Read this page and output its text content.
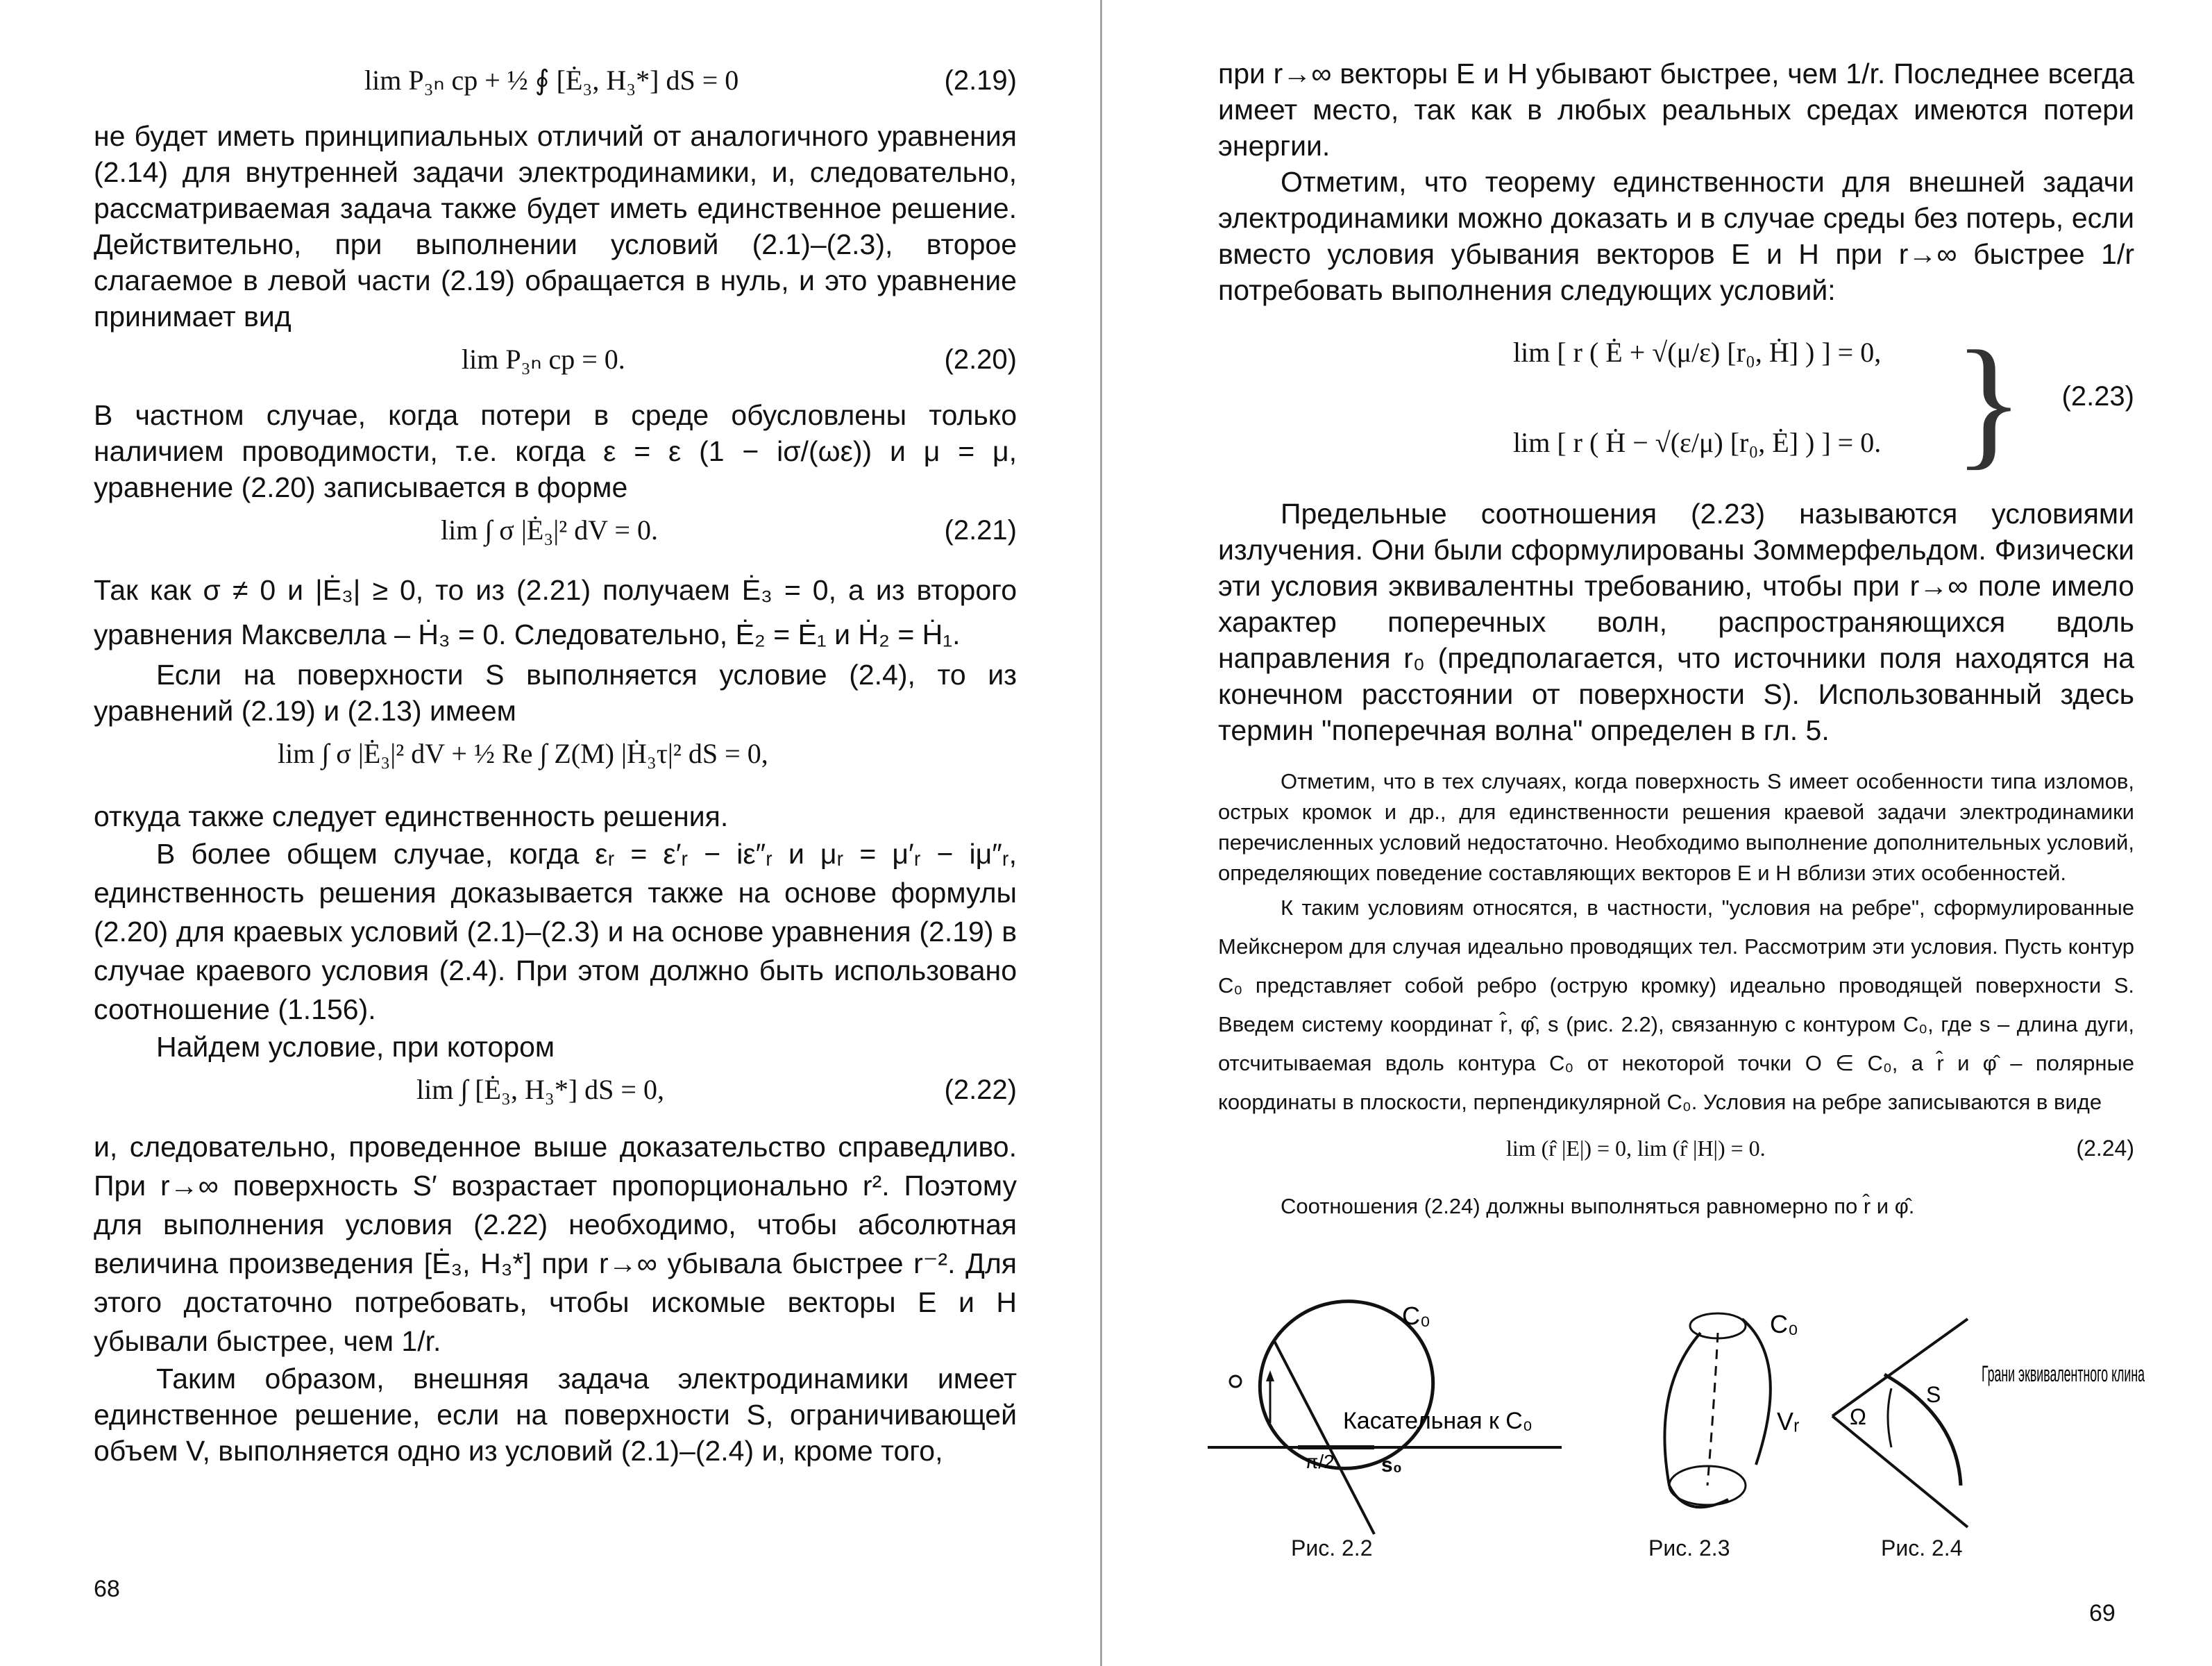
lim P₃ₙ ср + ½ ∮ [Ė₃, H₃*] dS = 0	(2.19)

не будет иметь принципиальных отличий от аналогичного уравнения (2.14) для внутренней задачи электродинамики, и, следовательно, рассматриваемая задача также будет иметь единственное решение. Действительно, при выполнении условий (2.1)–(2.3), второе слагаемое в левой части (2.19) обращается в нуль, и это уравнение принимает вид

lim P₃ₙ ср = 0.	(2.20)

В частном случае, когда потери в среде обусловлены только наличием проводимости, т.е. когда ε = ε (1 − iσ/(ωε)) и μ = μ, уравнение (2.20) записывается в форме

lim ∫ σ |Ė₃|² dV = 0.	(2.21)

Так как σ ≠ 0 и |Ė₃| ≥ 0, то из (2.21) получаем Ė₃ = 0, а из второго уравнения Максвелла – Ḣ₃ = 0. Следовательно, Ė₂ = Ė₁ и Ḣ₂ = Ḣ₁.

Если на поверхности S выполняется условие (2.4), то из уравнений (2.19) и (2.13) имеем

lim ∫ σ |Ė₃|² dV + ½ Re ∫ Z(M) |Ḣ₃τ|² dS = 0,

откуда также следует единственность решения.

В более общем случае, когда εᵣ = ε′ᵣ − iε″ᵣ и μᵣ = μ′ᵣ − iμ″ᵣ, единственность решения доказывается также на основе формулы (2.20) для краевых условий (2.1)–(2.3) и на основе уравнения (2.19) в случае краевого условия (2.4). При этом должно быть использовано соотношение (1.156).

Найдем условие, при котором

lim ∫ [Ė₃, H₃*] dS = 0,	(2.22)

и, следовательно, проведенное выше доказательство справедливо. При r→∞ поверхность S′ возрастает пропорционально r². Поэтому для выполнения условия (2.22) необходимо, чтобы абсолютная величина произведения [Ė₃, H₃*] при r→∞ убывала быстрее r⁻². Для этого достаточно потребовать, чтобы искомые векторы E и H убывали быстрее, чем 1/r.

Таким образом, внешняя задача электродинамики имеет единственное решение, если на поверхности S, ограничивающей объем V, выполняется одно из условий (2.1)–(2.4) и, кроме того,

68

при r→∞ векторы E и H убывают быстрее, чем 1/r. Последнее всегда имеет место, так как в любых реальных средах имеются потери энергии.

Отметим, что теорему единственности для внешней задачи электродинамики можно доказать и в случае среды без потерь, если вместо условия убывания векторов E и H при r→∞ быстрее 1/r потребовать выполнения следующих условий:

lim [ r ( Ė + √(μ/ε) [r₀, Ḣ] ) ] = 0,
lim [ r ( Ḣ − √(ε/μ) [r₀, Ė] ) ] = 0. } (2.23)

Предельные соотношения (2.23) называются условиями излучения. Они были сформулированы Зоммерфельдом. Физически эти условия эквивалентны требованию, чтобы при r→∞ поле имело характер поперечных волн, распространяющихся вдоль направления r₀ (предполагается, что источники поля находятся на конечном расстоянии от поверхности S). Использованный здесь термин "поперечная волна" определен в гл. 5.

Отметим, что в тех случаях, когда поверхность S имеет особенности типа изломов, острых кромок и др., для единственности решения краевой задачи электродинамики перечисленных условий недостаточно. Необходимо выполнение дополнительных условий, определяющих поведение составляющих векторов E и H вблизи этих особенностей.

К таким условиям относятся, в частности, "условия на ребре", сформулированные Мейкснером для случая идеально проводящих тел. Рассмотрим эти условия. Пусть контур C₀ представляет собой ребро (острую кромку) идеально проводящей поверхности S. Введем систему координат r̂, φ̂, s (рис. 2.2), связанную с контуром C₀, где s – длина дуги, отсчитываемая вдоль контура C₀ от некоторой точки O ∈ C₀, а r̂ и φ̂ – полярные координаты в плоскости, перпендикулярной C₀. Условия на ребре записываются в виде

lim (r̂ |E|) = 0, lim (r̂ |H|) = 0.	(2.24)

Соотношения (2.24) должны выполняться равномерно по r̂ и φ̂.

C₀
Касательная к C₀
s₀
π/2
Рис. 2.2
C₀
Vᵣ
Рис. 2.3
Ω
S
Грани эквивалентного клина
Рис. 2.4
69
